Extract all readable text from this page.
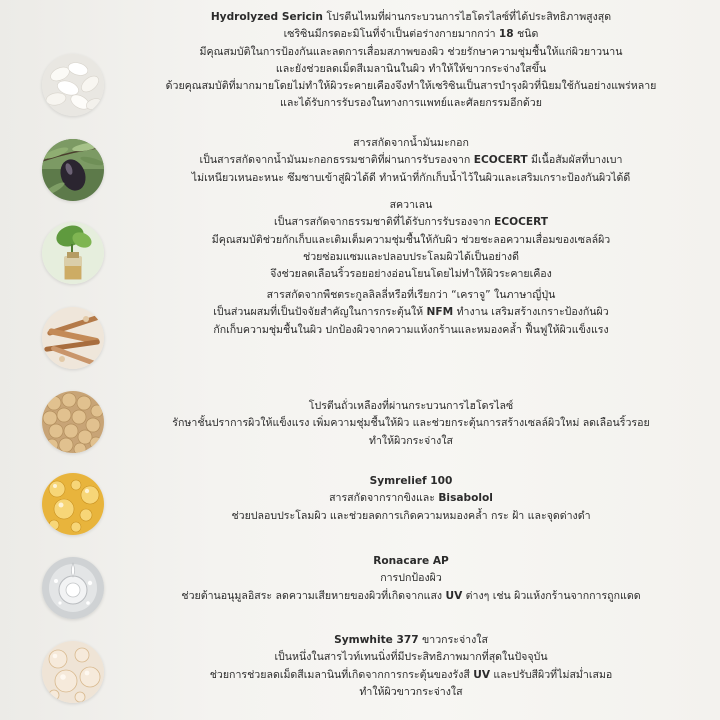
Hydrolyzed Sericin โปรตีนไหมที่ผ่านกระบวนการไฮโดรไลซ์ที่ได้ประสิทธิภาพสูงสุด
เซริซินมีกรดอะมิโนที่จำเป็นต่อร่างกายมากกว่า 18 ชนิด
มีคุณสมบัติในการป้องกันและลดการเสื่อมสภาพของผิว ช่วยรักษาความชุ่มชื้นให้แก่ผิวยาวนาน
และยังช่วยลดเม็ดสีเมลานินในผิว ทำให้ให้ขาวกระจ่างใสขึ้น
ด้วยคุณสมบัติที่มากมายโดยไม่ทำให้ผิวระคายเคืองจึงทำให้เซริซินเป็นสารบำรุงผิวที่นิยมใช้กันอย่างแพร่หลาย
และได้รับการรับรองในทางการแพทย์และศัลยกรรมอีกด้วย
สารสกัดจากน้ำมันมะกอก
เป็นสารสกัดจากน้ำมันมะกอกธรรมชาติที่ผ่านการรับรองจาก ECOCERT มีเนื้อสัมผัสที่บางเบา
ไม่เหนียวเหนอะหนะ ซึมซาบเข้าสู่ผิวได้ดี ทำหน้าที่กักเก็บน้ำไว้ในผิวและเสริมเกราะป้องกันผิวได้ดี
สควาเลน
เป็นสารสกัดจากธรรมชาติที่ได้รับการรับรองจาก ECOCERT
มีคุณสมบัติช่วยกักเก็บและเติมเต็มความชุ่มชื้นให้กับผิว ช่วยชะลอความเสื่อมของเซลล์ผิว
ช่วยซ่อมแซมและปลอบประโลมผิวได้เป็นอย่างดี
จึงช่วยลดเลือนริ้วรอยอย่างอ่อนโยนโดยไม่ทำให้ผิวระคายเคือง
สารสกัดจากพืชตระกูลลิลลี่หรือที่เรียกว่า “เคราจู” ในภาษาญี่ปุ่น
เป็นส่วนผสมที่เป็นปัจจัยสำคัญในการกระตุ้นให้ NFM ทำงาน เสริมสร้างเกราะป้องกันผิว
กักเก็บความชุ่มชื้นในผิว ปกป้องผิวจากความแห้งกร้านและหมองคล้ำ ฟื้นฟูให้ผิวแข็งแรง
โปรตีนถั่วเหลืองที่ผ่านกระบวนการไฮโดรไลซ์
รักษาชั้นปราการผิวให้แข็งแรง เพิ่มความชุ่มชื้นให้ผิว และช่วยกระตุ้นการสร้างเซลล์ผิวใหม่ ลดเลือนริ้วรอย
ทำให้ผิวกระจ่างใส
Symrelief 100
สารสกัดจากรากขิงและ Bisabolol
ช่วยปลอบประโลมผิว และช่วยลดการเกิดความหมองคล้ำ กระ ฝ้า และจุดด่างดำ
Ronacare AP
การปกป้องผิว
ช่วยต้านอนุมูลอิสระ ลดความเสียหายของผิวที่เกิดจากแสง UV ต่างๆ เช่น ผิวแห้งกร้านจากการถูกแดด
Symwhite 377 ขาวกระจ่างใส
เป็นหนึ่งในสารไวท์เทนนิ่งที่มีประสิทธิภาพมากที่สุดในปัจจุบัน
ช่วยการช่วยลดเม็ดสีเมลานินที่เกิดจากการกระตุ้นของรังสี UV และปรับสีผิวที่ไม่สม่ำเสมอ
ทำให้ผิวขาวกระจ่างใส
